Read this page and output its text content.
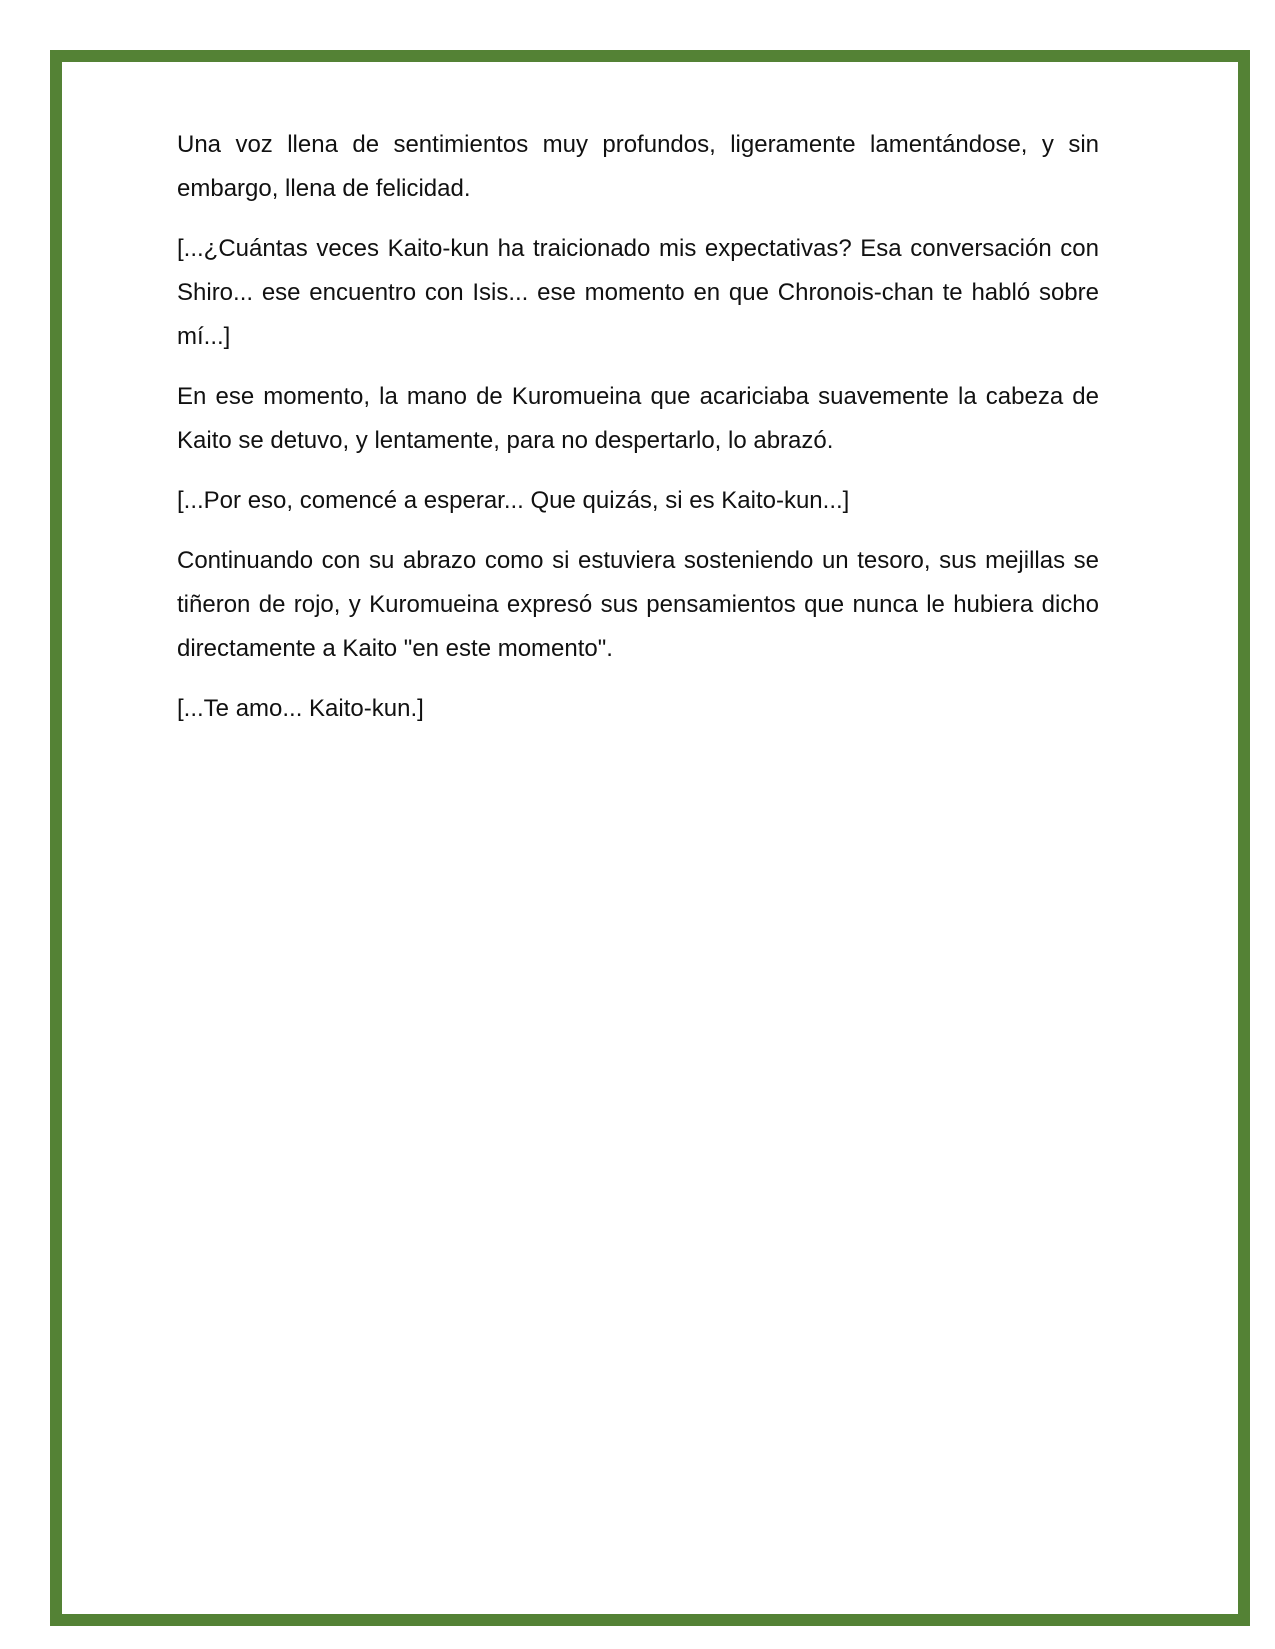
Una voz llena de sentimientos muy profundos, ligeramente lamentándose, y sin embargo, llena de felicidad.

[...¿Cuántas veces Kaito-kun ha traicionado mis expectativas? Esa conversación con Shiro... ese encuentro con Isis... ese momento en que Chronois-chan te habló sobre mí...]

En ese momento, la mano de Kuromueina que acariciaba suavemente la cabeza de Kaito se detuvo, y lentamente, para no despertarlo, lo abrazó.

[...Por eso, comencé a esperar... Que quizás, si es Kaito-kun...]

Continuando con su abrazo como si estuviera sosteniendo un tesoro, sus mejillas se tiñeron de rojo, y Kuromueina expresó sus pensamientos que nunca le hubiera dicho directamente a Kaito "en este momento".

[...Te amo... Kaito-kun.]
